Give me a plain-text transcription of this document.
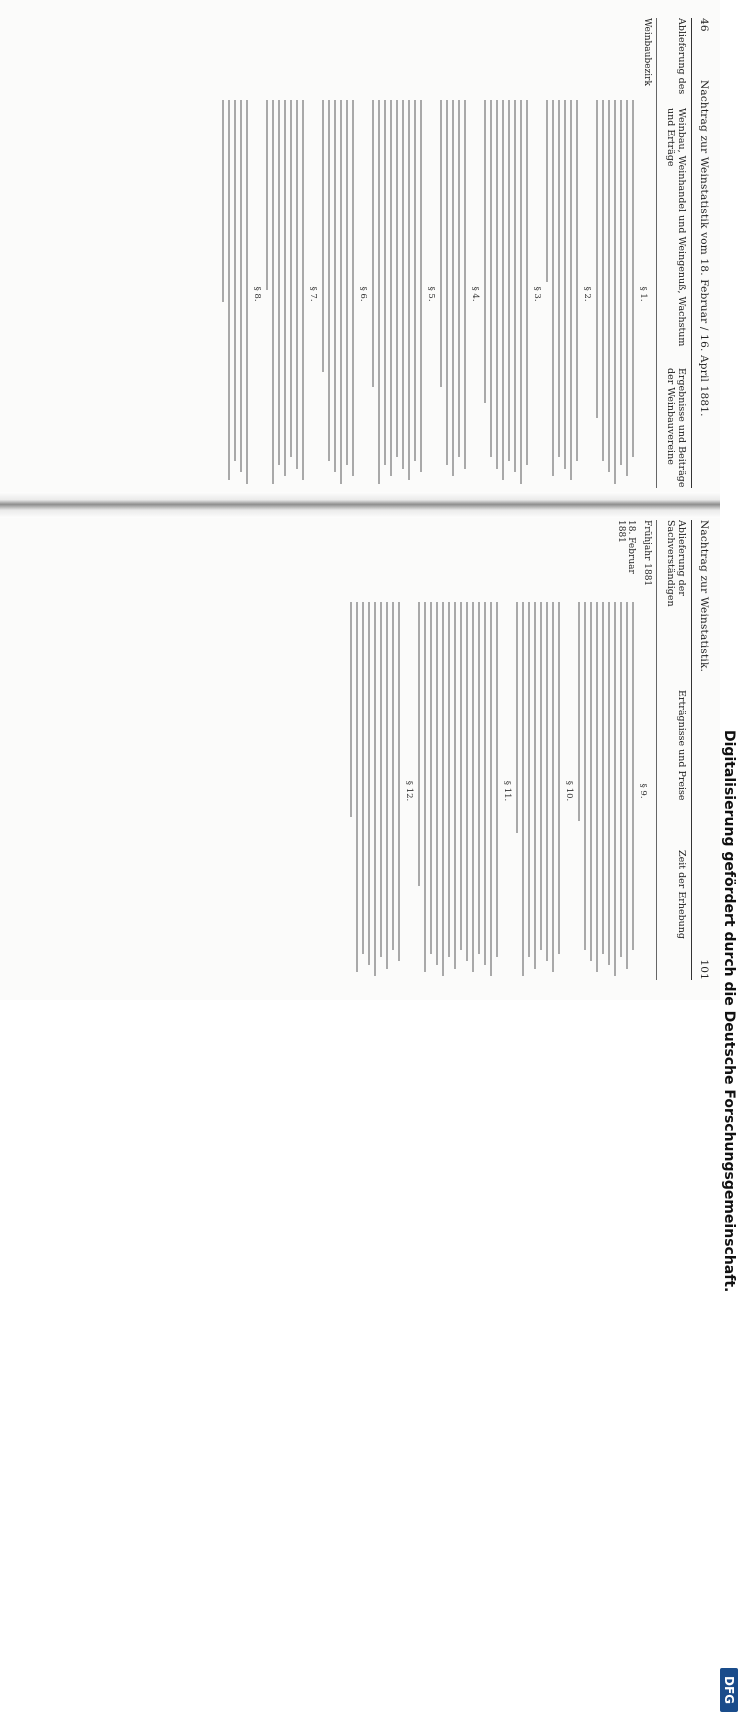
46
Nachtrag zur Weinstatistik vom 18. Februar / 16. April 1881.
Ablieferung des
Weinbau, Weinhandel und Weingenuß, Wachstum und Erträge
Ergebnisse und Beiträge der Weinbauvereine
Weinbaubezirk
§ 1.
§ 2.
§ 3.
§ 4.
§ 5.
§ 6.
§ 7.
§ 8.
Nachtrag zur Weinstatistik.
101
Ablieferung der Sachverständigen
Erträgnisse und Preise
Zeit der Erhebung
Frühjahr 1881
18. Februar 1881
§ 9.
§ 10.
§ 11.
§ 12.	Digitalisierung gefördert durch die Deutsche Forschungsgemeinschaft.
DFG
